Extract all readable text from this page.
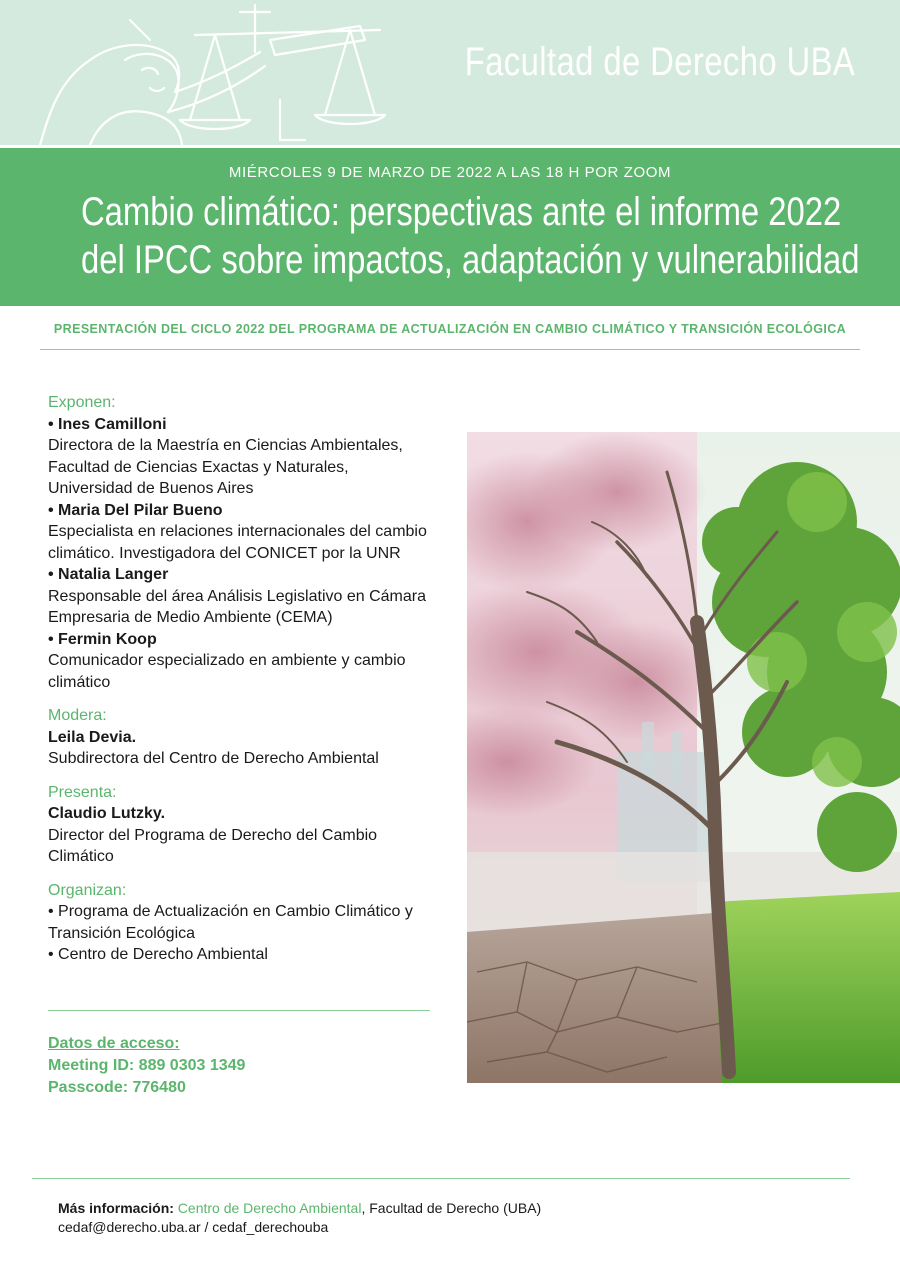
Facultad de Derecho UBA
MIÉRCOLES 9 DE MARZO DE 2022 A LAS 18 H POR ZOOM
Cambio climático: perspectivas ante el informe 2022
del IPCC sobre impactos, adaptación y vulnerabilidad
PRESENTACIÓN DEL CICLO 2022 DEL PROGRAMA DE ACTUALIZACIÓN EN CAMBIO CLIMÁTICO Y TRANSICIÓN ECOLÓGICA
Exponen:
• Ines Camilloni
Directora de la Maestría en Ciencias Ambientales,
Facultad de Ciencias Exactas y Naturales,
Universidad de Buenos Aires
• Maria Del Pilar Bueno
Especialista en relaciones internacionales del cambio
climático. Investigadora del CONICET por la UNR
• Natalia Langer
Responsable del área Análisis Legislativo en Cámara
Empresaria de Medio Ambiente (CEMA)
• Fermin Koop
Comunicador especializado en ambiente y cambio
climático
Modera:
Leila Devia.
Subdirectora del Centro de Derecho Ambiental
Presenta:
Claudio Lutzky.
Director del Programa de Derecho del Cambio
Climático
Organizan:
• Programa de Actualización en Cambio Climático y
Transición Ecológica
• Centro de Derecho Ambiental
Datos de acceso:
Meeting ID: 889 0303 1349
Passcode: 776480
Más información: Centro de Derecho Ambiental, Facultad de Derecho (UBA)
cedaf@derecho.uba.ar / cedaf_derechouba
